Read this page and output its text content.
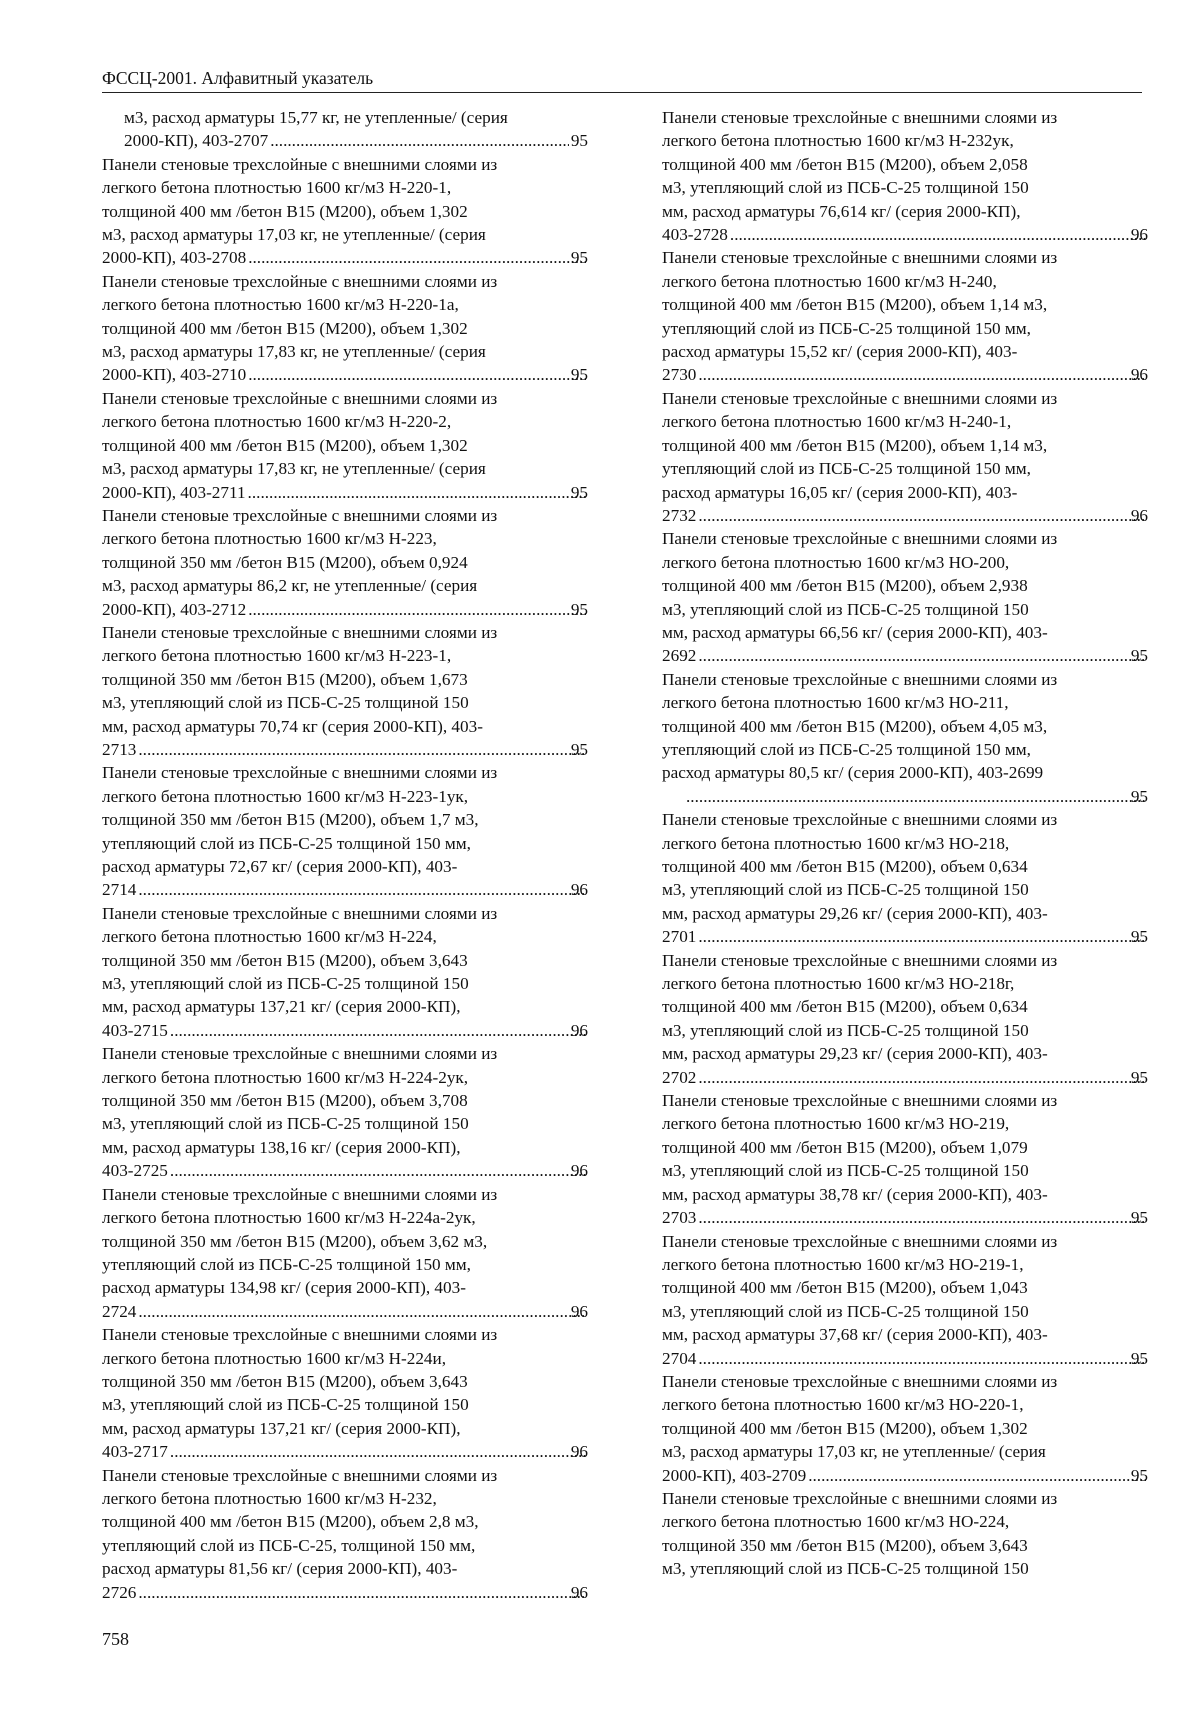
ФССЦ-2001. Алфавитный указатель
м3, расход арматуры 15,77 кг, не утепленные/ (серия
2000-КП), 403-2707 .....	95
Панели стеновые трехслойные с внешними слоями из
легкого бетона плотностью 1600 кг/м3 Н-220-1,
толщиной 400 мм /бетон В15 (М200), объем 1,302
м3, расход арматуры 17,03 кг, не утепленные/ (серия
2000-КП), 403-2708 .....	95
Панели стеновые трехслойные с внешними слоями из
легкого бетона плотностью 1600 кг/м3 Н-220-1а,
толщиной 400 мм /бетон В15 (М200), объем 1,302
м3, расход арматуры 17,83 кг, не утепленные/ (серия
2000-КП), 403-2710 .....	95
Панели стеновые трехслойные с внешними слоями из
легкого бетона плотностью 1600 кг/м3 Н-220-2,
толщиной 400 мм /бетон В15 (М200), объем 1,302
м3, расход арматуры 17,83 кг, не утепленные/ (серия
2000-КП), 403-2711 .....	95
Панели стеновые трехслойные с внешними слоями из
легкого бетона плотностью 1600 кг/м3 Н-223,
толщиной 350 мм /бетон В15 (М200), объем 0,924
м3, расход арматуры 86,2 кг, не утепленные/ (серия
2000-КП), 403-2712 .....	95
Панели стеновые трехслойные с внешними слоями из
легкого бетона плотностью 1600 кг/м3 Н-223-1,
толщиной 350 мм /бетон В15 (М200), объем 1,673
м3, утепляющий слой из ПСБ-С-25 толщиной 150
мм, расход арматуры 70,74 кг (серия 2000-КП), 403-
2713 .....	95
Панели стеновые трехслойные с внешними слоями из
легкого бетона плотностью 1600 кг/м3 Н-223-1ук,
толщиной 350 мм /бетон В15 (М200), объем 1,7 м3,
утепляющий слой из ПСБ-С-25 толщиной 150 мм,
расход арматуры 72,67 кг/ (серия 2000-КП), 403-
2714 .....	96
Панели стеновые трехслойные с внешними слоями из
легкого бетона плотностью 1600 кг/м3 Н-224,
толщиной 350 мм /бетон В15 (М200), объем 3,643
м3, утепляющий слой из ПСБ-С-25 толщиной 150
мм, расход арматуры 137,21 кг/ (серия 2000-КП),
403-2715 .....	96
Панели стеновые трехслойные с внешними слоями из
легкого бетона плотностью 1600 кг/м3 Н-224-2ук,
толщиной 350 мм /бетон В15 (М200), объем 3,708
м3, утепляющий слой из ПСБ-С-25 толщиной 150
мм, расход арматуры 138,16 кг/ (серия 2000-КП),
403-2725 .....	96
Панели стеновые трехслойные с внешними слоями из
легкого бетона плотностью 1600 кг/м3 Н-224а-2ук,
толщиной 350 мм /бетон В15 (М200), объем 3,62 м3,
утепляющий слой из ПСБ-С-25 толщиной 150 мм,
расход арматуры 134,98 кг/ (серия 2000-КП), 403-
2724 .....	96
Панели стеновые трехслойные с внешними слоями из
легкого бетона плотностью 1600 кг/м3 Н-224и,
толщиной 350 мм /бетон В15 (М200), объем 3,643
м3, утепляющий слой из ПСБ-С-25 толщиной 150
мм, расход арматуры 137,21 кг/ (серия 2000-КП),
403-2717 .....	96
Панели стеновые трехслойные с внешними слоями из
легкого бетона плотностью 1600 кг/м3 Н-232,
толщиной 400 мм /бетон В15 (М200), объем 2,8 м3,
утепляющий слой из ПСБ-С-25, толщиной 150 мм,
расход арматуры 81,56 кг/ (серия 2000-КП), 403-
2726 .....	96
Панели стеновые трехслойные с внешними слоями из
легкого бетона плотностью 1600 кг/м3 Н-232ук,
толщиной 400 мм /бетон В15 (М200), объем 2,058
м3, утепляющий слой из ПСБ-С-25 толщиной 150
мм, расход арматуры 76,614 кг/ (серия 2000-КП),
403-2728 .....	96
Панели стеновые трехслойные с внешними слоями из
легкого бетона плотностью 1600 кг/м3 Н-240,
толщиной 400 мм /бетон В15 (М200), объем 1,14 м3,
утепляющий слой из ПСБ-С-25 толщиной 150 мм,
расход арматуры 15,52 кг/ (серия 2000-КП), 403-
2730 .....	96
Панели стеновые трехслойные с внешними слоями из
легкого бетона плотностью 1600 кг/м3 Н-240-1,
толщиной 400 мм /бетон В15 (М200), объем 1,14 м3,
утепляющий слой из ПСБ-С-25 толщиной 150 мм,
расход арматуры 16,05 кг/ (серия 2000-КП), 403-
2732 .....	96
Панели стеновые трехслойные с внешними слоями из
легкого бетона плотностью 1600 кг/м3 НО-200,
толщиной 400 мм /бетон В15 (М200), объем 2,938
м3, утепляющий слой из ПСБ-С-25 толщиной 150
мм, расход арматуры 66,56 кг/ (серия 2000-КП), 403-
2692 .....	95
Панели стеновые трехслойные с внешними слоями из
легкого бетона плотностью 1600 кг/м3 НО-211,
толщиной 400 мм /бетон В15 (М200), объем 4,05 м3,
утепляющий слой из ПСБ-С-25 толщиной 150 мм,
расход арматуры 80,5 кг/ (серия 2000-КП), 403-2699
.....
95
Панели стеновые трехслойные с внешними слоями из
легкого бетона плотностью 1600 кг/м3 НО-218,
толщиной 400 мм /бетон В15 (М200), объем 0,634
м3, утепляющий слой из ПСБ-С-25 толщиной 150
мм, расход арматуры 29,26 кг/ (серия 2000-КП), 403-
2701 .....	95
Панели стеновые трехслойные с внешними слоями из
легкого бетона плотностью 1600 кг/м3 НО-218г,
толщиной 400 мм /бетон В15 (М200), объем 0,634
м3, утепляющий слой из ПСБ-С-25 толщиной 150
мм, расход арматуры 29,23 кг/ (серия 2000-КП), 403-
2702 .....	95
Панели стеновые трехслойные с внешними слоями из
легкого бетона плотностью 1600 кг/м3 НО-219,
толщиной 400 мм /бетон В15 (М200), объем 1,079
м3, утепляющий слой из ПСБ-С-25 толщиной 150
мм, расход арматуры 38,78 кг/ (серия 2000-КП), 403-
2703 .....	95
Панели стеновые трехслойные с внешними слоями из
легкого бетона плотностью 1600 кг/м3 НО-219-1,
толщиной 400 мм /бетон В15 (М200), объем 1,043
м3, утепляющий слой из ПСБ-С-25 толщиной 150
мм, расход арматуры 37,68 кг/ (серия 2000-КП), 403-
2704 .....	95
Панели стеновые трехслойные с внешними слоями из
легкого бетона плотностью 1600 кг/м3 НО-220-1,
толщиной 400 мм /бетон В15 (М200), объем 1,302
м3, расход арматуры 17,03 кг, не утепленные/ (серия
2000-КП), 403-2709 .....	95
Панели стеновые трехслойные с внешними слоями из
легкого бетона плотностью 1600 кг/м3 НО-224,
толщиной 350 мм /бетон В15 (М200), объем 3,643
м3, утепляющий слой из ПСБ-С-25 толщиной 150
758
